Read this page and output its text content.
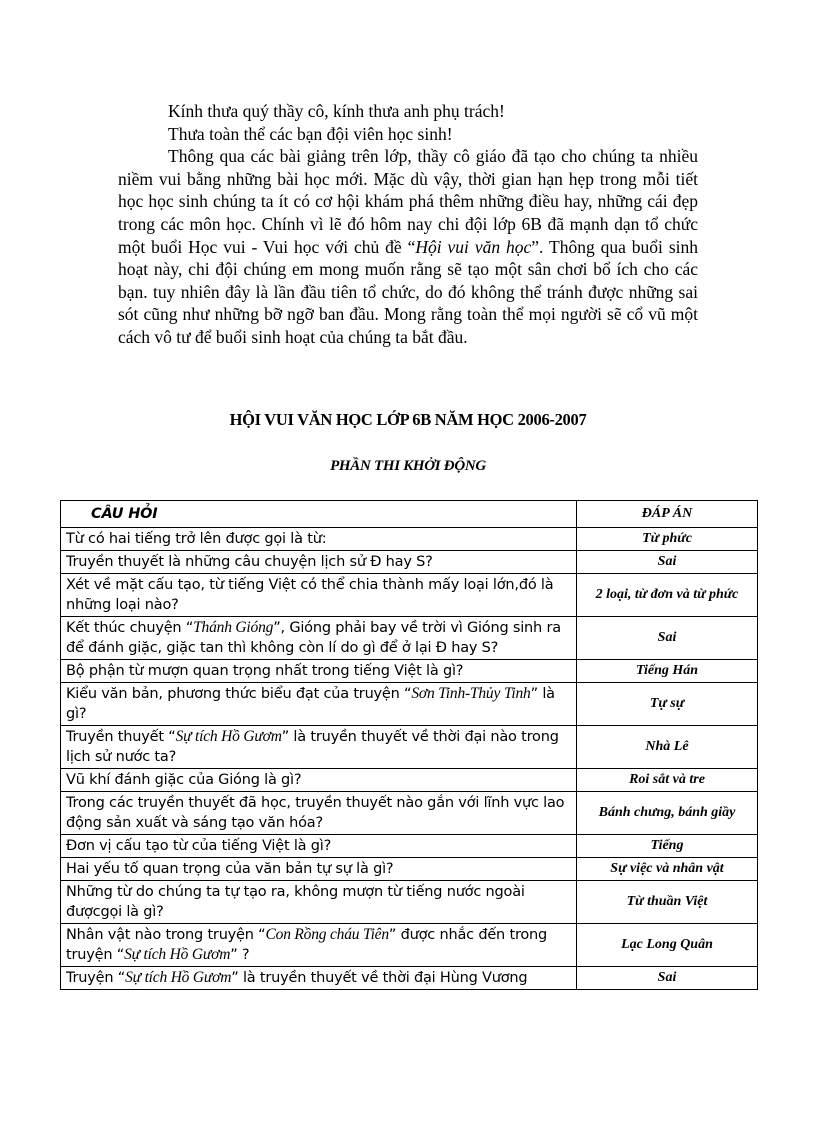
Kính thưa quý thầy cô, kính thưa anh phụ trách!

Thưa toàn thể các bạn đội viên học sinh!

Thông qua các bài giảng trên lớp, thầy cô giáo đã tạo cho chúng ta nhiều niềm vui bằng những bài học mới. Mặc dù vậy, thời gian hạn hẹp trong mỗi tiết học học sinh chúng ta ít có cơ hội khám phá thêm những điều hay, những cái đẹp trong các môn học. Chính vì lẽ đó hôm nay chi đội lớp 6B đã mạnh dạn tổ chức một buổi Học vui - Vui học với chủ đề “Hội vui văn học”. Thông qua buổi sinh hoạt này, chi đội chúng em mong muốn rằng sẽ tạo một sân chơi bổ ích cho các bạn. tuy nhiên đây là lần đầu tiên tổ chức, do đó không thể tránh được những sai sót cũng như những bỡ ngỡ ban đầu. Mong rằng toàn thể mọi người sẽ cổ vũ một cách vô tư để buổi sinh hoạt của chúng ta bắt đầu.

HỘI VUI VĂN HỌC LỚP 6B NĂM HỌC 2006-2007
PHẦN THI KHỞI ĐỘNG
CÂU HỎI	ĐÁP ÁN
Từ có hai tiếng trở lên được gọi là từ:	Từ phức
Truyền thuyết là những câu chuyện lịch sử Đ hay S?	Sai
Xét về mặt cấu tạo, từ tiếng Việt có thể chia thành mấy loại lớn,đó là những loại nào?	2 loại, từ đơn và từ phức
Kết thúc chuyện “Thánh Gióng”, Gióng phải bay về trời vì Gióng sinh ra để đánh giặc, giặc tan thì không còn lí do gì để ở lại Đ hay S?	Sai
Bộ phận từ mượn quan trọng nhất trong tiếng Việt là gì?	Tiếng Hán
Kiểu văn bản, phương thức biểu đạt của truyện “Sơn Tinh-Thủy Tinh” là gì?	Tự sự
Truyền thuyết “Sự tích Hồ Gươm” là truyền thuyết về thời đại nào trong lịch sử nước ta?	Nhà Lê
Vũ khí đánh giặc của Gióng là gì?	Roi sắt và tre
Trong các truyền thuyết đã học, truyền thuyết nào gắn với lĩnh vực lao động sản xuất và sáng tạo văn hóa?	Bánh chưng, bánh giầy
Đơn vị cấu tạo từ của tiếng Việt là gì?	Tiếng
Hai yếu tố quan trọng của văn bản tự sự là gì?	Sự việc và nhân vật
Những từ do chúng ta tự tạo ra, không mượn từ tiếng nước ngoài đượcgọi là gì?	Từ thuần Việt
Nhân vật nào trong truyện “Con Rồng cháu Tiên” được nhắc đến trong truyện “Sự tích Hồ Gươm” ?	Lạc Long Quân
Truyện “Sự tích Hồ Gươm” là truyền thuyết về thời đại Hùng Vương	Sai
